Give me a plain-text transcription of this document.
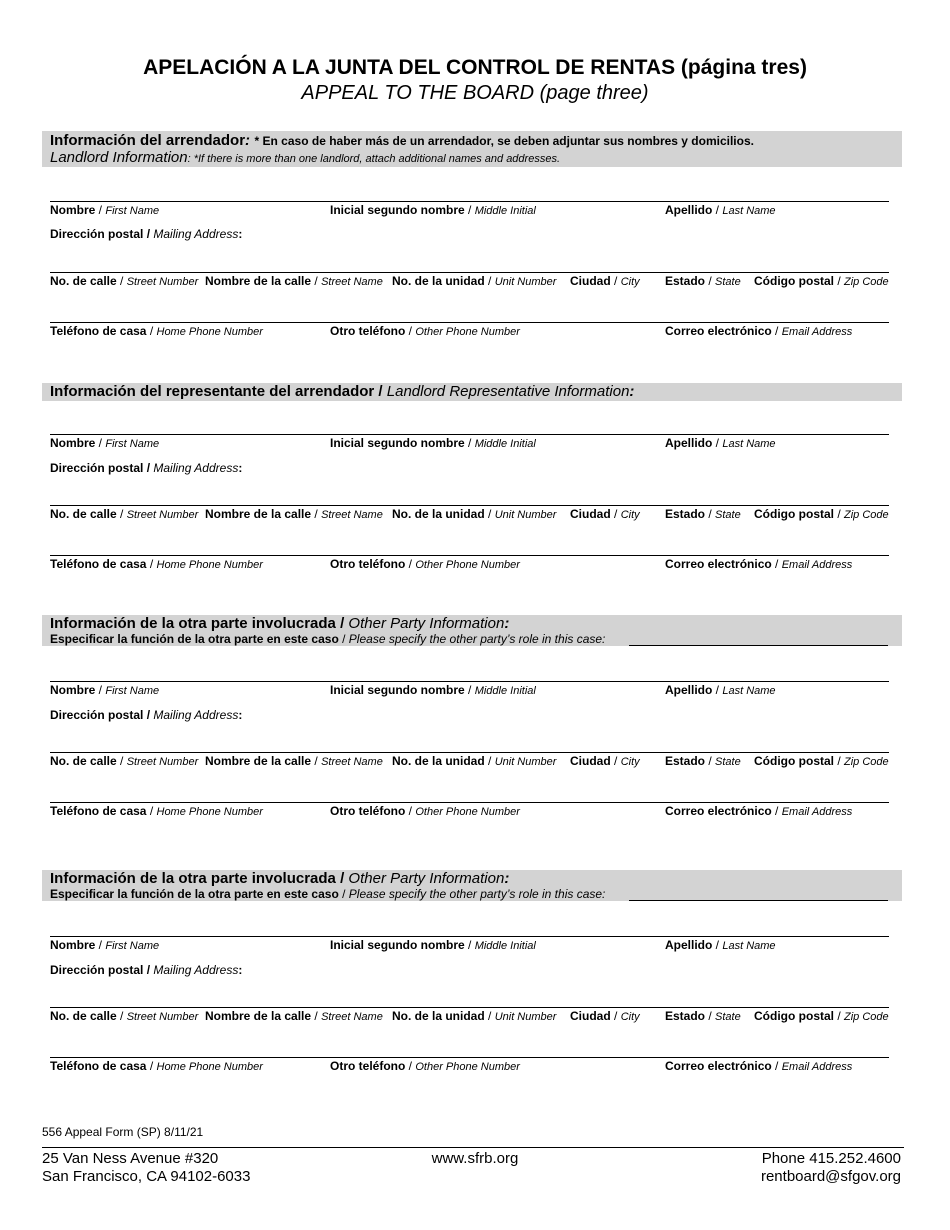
APELACIÓN A LA JUNTA DEL CONTROL DE RENTAS (página tres)
APPEAL TO THE BOARD (page three)
Información del arrendador: * En caso de haber más de un arrendador, se deben adjuntar sus nombres y domicilios.
Landlord Information: *If there is more than one landlord, attach additional names and addresses.
Nombre / First Name	Inicial segundo nombre / Middle Initial	Apellido / Last Name
Dirección postal / Mailing Address:
No. de calle / Street Number Nombre de la calle / Street Name No. de la unidad / Unit Number Ciudad / City Estado / State Código postal / Zip Code
Teléfono de casa / Home Phone Number	Otro teléfono / Other Phone Number	Correo electrónico / Email Address
Información del representante del arrendador / Landlord Representative Information:
Nombre / First Name	Inicial segundo nombre / Middle Initial	Apellido / Last Name
Dirección postal / Mailing Address:
No. de calle / Street Number Nombre de la calle / Street Name No. de la unidad / Unit Number Ciudad / City Estado / State Código postal / Zip Code
Teléfono de casa / Home Phone Number	Otro teléfono / Other Phone Number	Correo electrónico / Email Address
Información de la otra parte involucrada / Other Party Information:
Especificar la función de la otra parte en este caso / Please specify the other party’s role in this case:
Nombre / First Name	Inicial segundo nombre / Middle Initial	Apellido / Last Name
Dirección postal / Mailing Address:
No. de calle / Street Number Nombre de la calle / Street Name No. de la unidad / Unit Number Ciudad / City Estado / State Código postal / Zip Code
Teléfono de casa / Home Phone Number	Otro teléfono / Other Phone Number	Correo electrónico / Email Address
Información de la otra parte involucrada / Other Party Information:
Especificar la función de la otra parte en este caso / Please specify the other party’s role in this case:
Nombre / First Name	Inicial segundo nombre / Middle Initial	Apellido / Last Name
Dirección postal / Mailing Address:
No. de calle / Street Number Nombre de la calle / Street Name No. de la unidad / Unit Number Ciudad / City Estado / State Código postal / Zip Code
Teléfono de casa / Home Phone Number	Otro teléfono / Other Phone Number	Correo electrónico / Email Address
556 Appeal Form (SP) 8/11/21
25 Van Ness Avenue #320
San Francisco, CA 94102-6033
www.sfrb.org	Phone 415.252.4600
rentboard@sfgov.org
